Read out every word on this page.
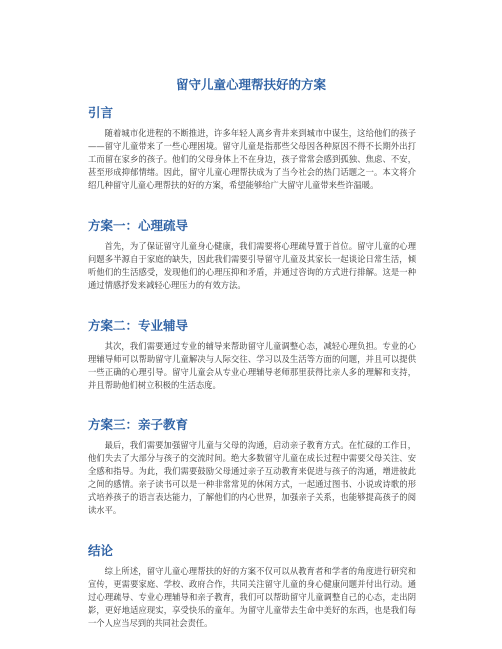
留守儿童心理帮扶好的方案
引言

随着城市化进程的不断推进，许多年轻人离乡背井来到城市中谋生，这给他们的孩子——留守儿童带来了一些心理困境。留守儿童是指那些父母因各种原因不得不长期外出打工而留在家乡的孩子。他们的父母身体上不在身边，孩子常常会感到孤独、焦虑、不安，甚至形成抑郁情绪。因此，留守儿童心理帮扶成为了当今社会的热门话题之一。本文将介绍几种留守儿童心理帮扶的好的方案，希望能够给广大留守儿童带来些许温暖。

方案一：心理疏导

首先，为了保证留守儿童身心健康，我们需要将心理疏导置于首位。留守儿童的心理问题多半源自于家庭的缺失，因此我们需要引导留守儿童及其家长一起谈论日常生活，倾听他们的生活感受，发现他们的心理压抑和矛盾，并通过咨询的方式进行排解。这是一种通过情感抒发来减轻心理压力的有效方法。

方案二：专业辅导

其次，我们需要通过专业的辅导来帮助留守儿童调整心态，减轻心理负担。专业的心理辅导师可以帮助留守儿童解决与人际交往、学习以及生活等方面的问题，并且可以提供一些正确的心理引导。留守儿童会从专业心理辅导老师那里获得比亲人多的理解和支持，并且帮助他们树立积极的生活态度。

方案三：亲子教育

最后，我们需要加强留守儿童与父母的沟通，启动亲子教育方式。在忙碌的工作日，他们失去了大部分与孩子的交流时间。绝大多数留守儿童在成长过程中需要父母关注、安全感和指导。为此，我们需要鼓励父母通过亲子互动教育来促进与孩子的沟通，增进彼此之间的感情。亲子读书可以是一种非常常见的休闲方式，一起通过图书、小说或诗歌的形式培养孩子的语言表达能力，了解他们的内心世界，加强亲子关系，也能够提高孩子的阅读水平。

结论

综上所述，留守儿童心理帮扶的好的方案不仅可以从教育者和学者的角度进行研究和宣传，更需要家庭、学校、政府合作，共同关注留守儿童的身心健康问题并付出行动。通过心理疏导、专业心理辅导和亲子教育，我们可以帮助留守儿童调整自己的心态，走出阴影，更好地适应现实，享受快乐的童年。为留守儿童带去生命中美好的东西，也是我们每一个人应当尽到的共同社会责任。
